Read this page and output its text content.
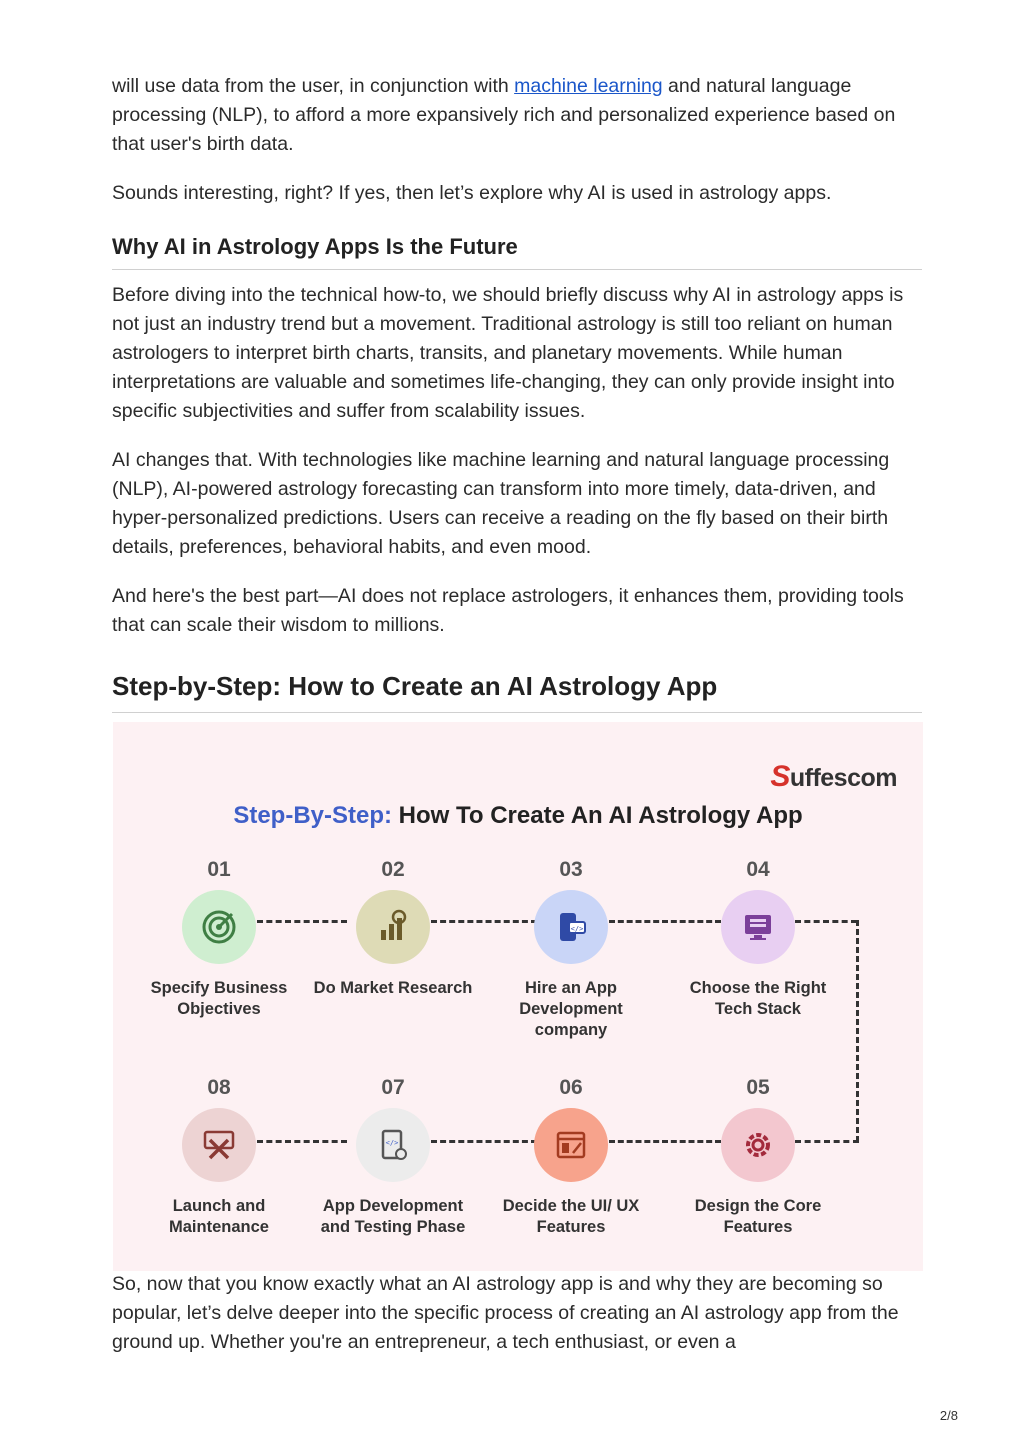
will use data from the user, in conjunction with machine learning and natural language processing (NLP), to afford a more expansively rich and personalized experience based on that user's birth data.

Sounds interesting, right? If yes, then let’s explore why AI is used in astrology apps.

Why AI in Astrology Apps Is the Future

Before diving into the technical how-to, we should briefly discuss why AI in astrology apps is not just an industry trend but a movement. Traditional astrology is still too reliant on human astrologers to interpret birth charts, transits, and planetary movements. While human interpretations are valuable and sometimes life-changing, they can only provide insight into specific subjectivities and suffer from scalability issues.

AI changes that. With technologies like machine learning and natural language processing (NLP), AI-powered astrology forecasting can transform into more timely, data-driven, and hyper-personalized predictions. Users can receive a reading on the fly based on their birth details, preferences, behavioral habits, and even mood.

And here's the best part—AI does not replace astrologers, it enhances them, providing tools that can scale their wisdom to millions.

Step-by-Step: How to Create an AI Astrology App
Suffescom
Step-By-Step: How To Create An AI Astrology App
01
Specify Business Objectives
02
Do Market Research
03
</>
Hire an App Development company
04
Choose the Right Tech Stack
08
Launch and Maintenance
07
</>
App Development and Testing Phase
06
Decide the UI/ UX Features
05
Design the Core Features

So, now that you know exactly what an AI astrology app is and why they are becoming so popular, let’s delve deeper into the specific process of creating an AI astrology app from the ground up. Whether you're an entrepreneur, a tech enthusiast, or even a

2/8
